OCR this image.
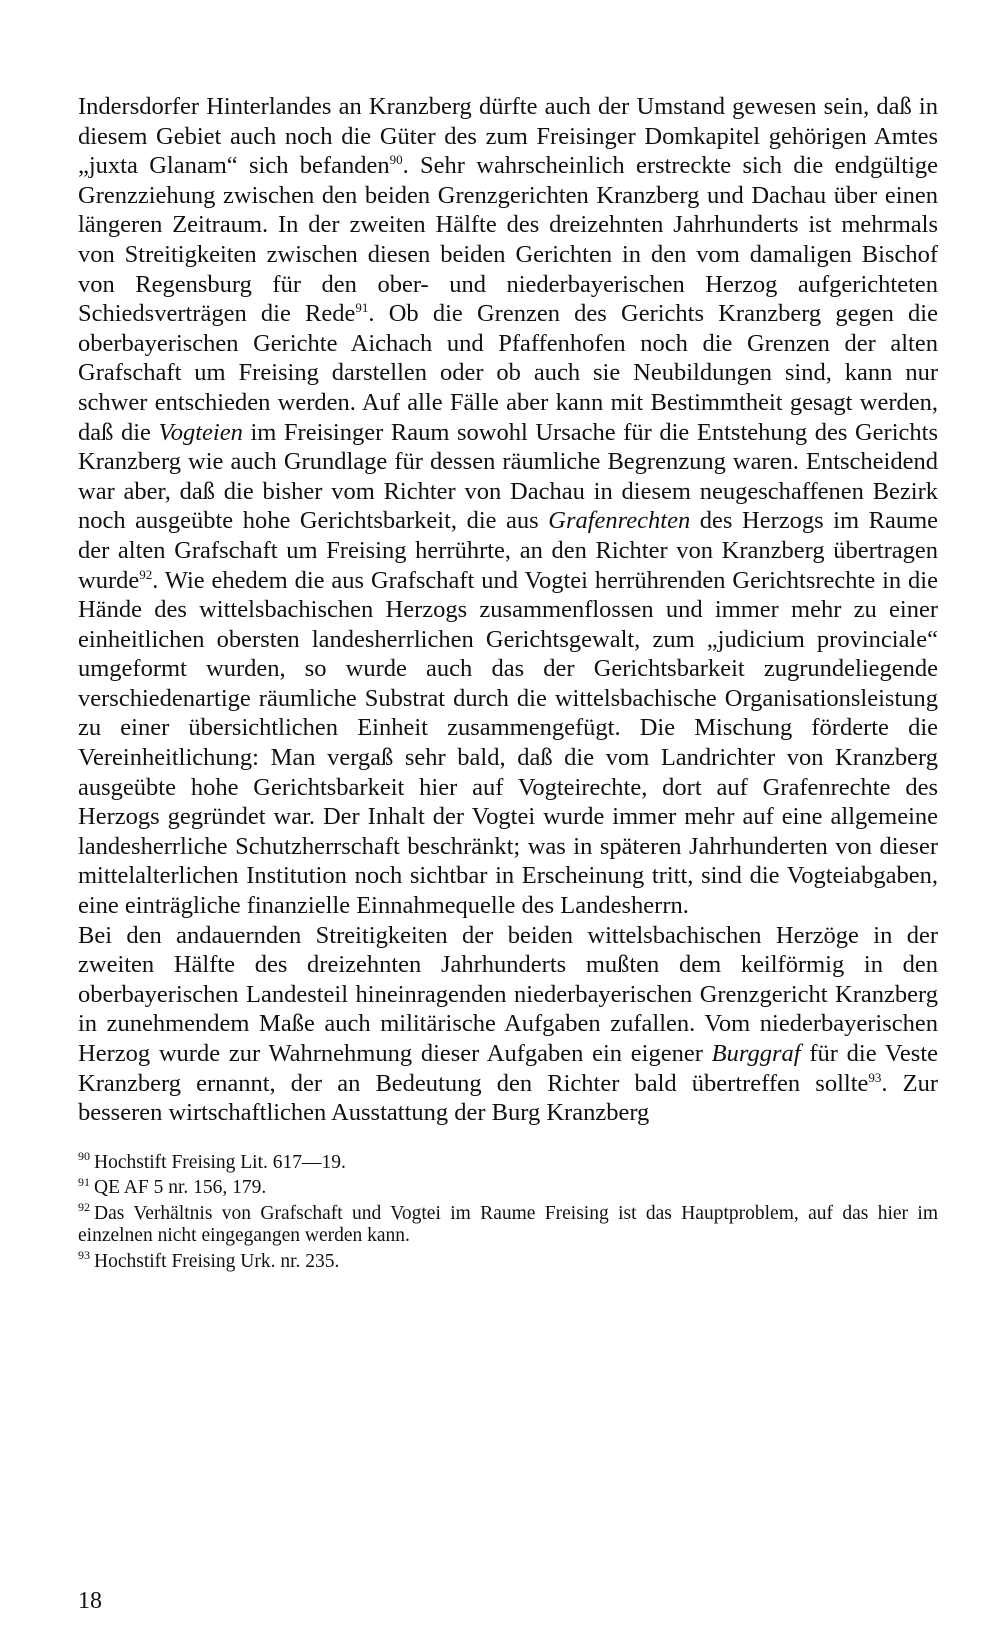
Indersdorfer Hinterlandes an Kranzberg dürfte auch der Umstand gewesen sein, daß in diesem Gebiet auch noch die Güter des zum Freisinger Domkapitel gehörigen Amtes „juxta Glanam“ sich befanden$^{90}$. Sehr wahrscheinlich erstreckte sich die endgültige Grenzziehung zwischen den beiden Grenzgerichten Kranzberg und Dachau über einen längeren Zeitraum. In der zweiten Hälfte des dreizehnten Jahrhunderts ist mehrmals von Streitigkeiten zwischen diesen beiden Gerichten in den vom damaligen Bischof von Regensburg für den ober- und niederbayerischen Herzog aufgerichteten Schiedsverträgen die Rede$^{91}$. Ob die Grenzen des Gerichts Kranzberg gegen die oberbayerischen Gerichte Aichach und Pfaffenhofen noch die Grenzen der alten Grafschaft um Freising darstellen oder ob auch sie Neubildungen sind, kann nur schwer entschieden werden. Auf alle Fälle aber kann mit Bestimmtheit gesagt werden, daß die Vogteien im Freisinger Raum sowohl Ursache für die Entstehung des Gerichts Kranzberg wie auch Grundlage für dessen räumliche Begrenzung waren. Entscheidend war aber, daß die bisher vom Richter von Dachau in diesem neugeschaffenen Bezirk noch ausgeübte hohe Gerichtsbarkeit, die aus Grafenrechten des Herzogs im Raume der alten Grafschaft um Freising herrührte, an den Richter von Kranzberg übertragen wurde$^{92}$. Wie ehedem die aus Grafschaft und Vogtei herrührenden Gerichtsrechte in die Hände des wittelsbachischen Herzogs zusammenflossen und immer mehr zu einer einheitlichen obersten landesherrlichen Gerichtsgewalt, zum „judicium provinciale“ umgeformt wurden, so wurde auch das der Gerichtsbarkeit zugrundeliegende verschiedenartige räumliche Substrat durch die wittelsbachische Organisationsleistung zu einer übersichtlichen Einheit zusammengefügt. Die Mischung förderte die Vereinheitlichung: Man vergaß sehr bald, daß die vom Landrichter von Kranzberg ausgeübte hohe Gerichtsbarkeit hier auf Vogteirechte, dort auf Grafenrechte des Herzogs gegründet war. Der Inhalt der Vogtei wurde immer mehr auf eine allgemeine landesherrliche Schutzherrschaft beschränkt; was in späteren Jahrhunderten von dieser mittelalterlichen Institution noch sichtbar in Erscheinung tritt, sind die Vogteiabgaben, eine einträgliche finanzielle Einnahmequelle des Landesherrn.

Bei den andauernden Streitigkeiten der beiden wittelsbachischen Herzöge in der zweiten Hälfte des dreizehnten Jahrhunderts mußten dem keilförmig in den oberbayerischen Landesteil hineinragenden niederbayerischen Grenzgericht Kranzberg in zunehmendem Maße auch militärische Aufgaben zufallen. Vom niederbayerischen Herzog wurde zur Wahrnehmung dieser Aufgaben ein eigener Burggraf für die Veste Kranzberg ernannt, der an Bedeutung den Richter bald übertreffen sollte$^{93}$. Zur besseren wirtschaftlichen Ausstattung der Burg Kranzberg

$^{90}$ Hochstift Freising Lit. 617—19.

$^{91}$ QE AF 5 nr. 156, 179.

$^{92}$ Das Verhältnis von Grafschaft und Vogtei im Raume Freising ist das Hauptproblem, auf das hier im einzelnen nicht eingegangen werden kann.

$^{93}$ Hochstift Freising Urk. nr. 235.

18
